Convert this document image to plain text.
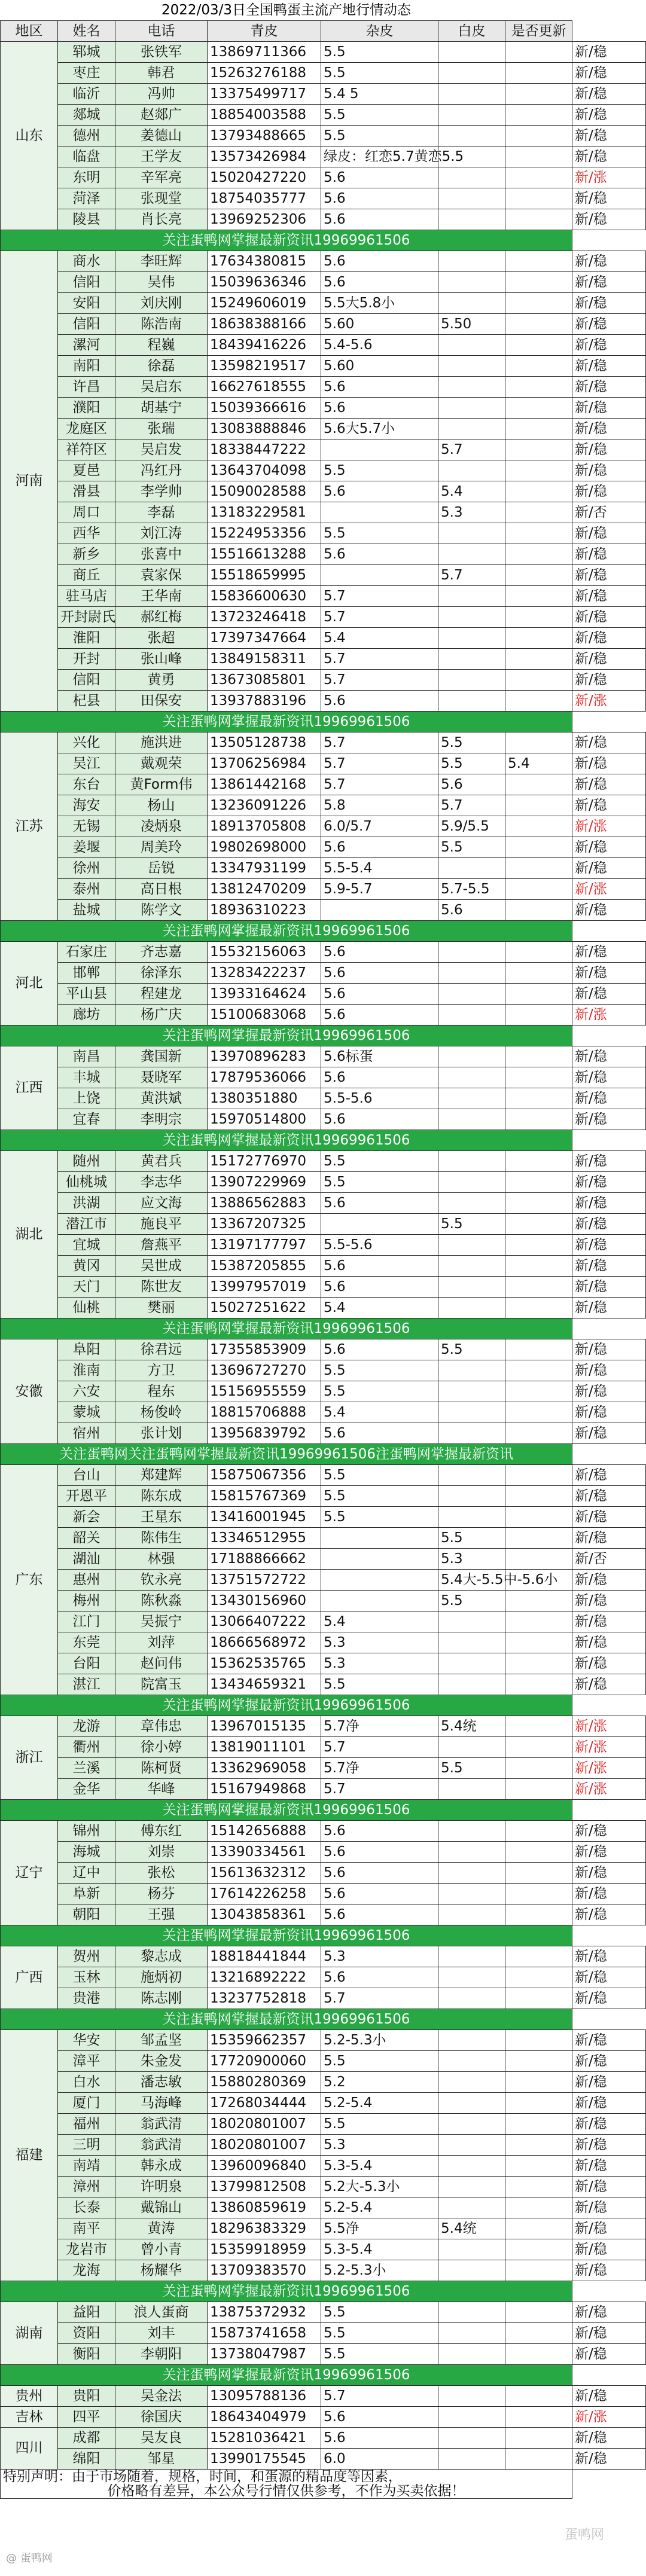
2022/03/3日全国鸭蛋主流产地行情动态							
地区	姓名	电话	青皮	杂皮	白皮	是否更新	
山东	郓城	张铁军	13869711366	5.5			新/稳
	枣庄	韩君	15263276188	5.5			新/稳
	临沂	冯帅	13375499717	5.4 5			新/稳
	郯城	赵郯广	18854003588	5.5			新/稳
	德州	姜德山	13793488665	5.5			新/稳
	临盘	王学友	13573426984	绿皮：红恋5.7黄恋5.5			新/稳
	东明	辛军亮	15020427220	5.6			新/涨
	菏泽	张现堂	18754035777	5.6			新/稳
	陵县	肖长亮	13969252306	5.6			新/稳
关注蛋鸭网掌握最新资讯19969961506							
河南	商水	李旺辉	17634380815	5.6			新/稳
	信阳	吴伟	15039636346	5.6			新/稳
	安阳	刘庆刚	15249606019	5.5大5.8小			新/稳
	信阳	陈浩南	18638388166	5.60	5.50		新/稳
	漯河	程巍	18439416226	5.4-5.6			新/稳
	南阳	徐磊	13598219517	5.60			新/稳
	许昌	吴启东	16627618555	5.6			新/稳
	濮阳	胡基宁	15039366616	5.6			新/稳
	龙庭区	张瑞	13083888846	5.6大5.7小			新/稳
	祥符区	吴启发	18338447222		5.7		新/稳
	夏邑	冯红丹	13643704098	5.5			新/稳
	滑县	李学帅	15090028588	5.6	5.4		新/稳
	周口	李磊	13183229581		5.3		新/否
	西华	刘江涛	15224953356	5.5			新/稳
	新乡	张喜中	15516613288	5.6			新/稳
	商丘	袁家保	15518659995		5.7		新/稳
	驻马店	王华南	15836600630	5.7			新/稳
	开封尉氏	郝红梅	13723246418	5.7			新/稳
	淮阳	张超	17397347664	5.4			新/稳
	开封	张山峰	13849158311	5.7			新/稳
	信阳	黄勇	13673085801	5.7			新/稳
	杞县	田保安	13937883196	5.6			新/涨
关注蛋鸭网掌握最新资讯19969961506							
江苏	兴化	施洪进	13505128738	5.7	5.5		新/稳
	吴江	戴观荣	13706256984	5.7	5.5	5.4	新/稳
	东台	黄Form伟	13861442168	5.7	5.6		新/稳
	海安	杨山	13236091226	5.8	5.7		新/稳
	无锡	凌炳泉	18913705808	6.0/5.7	5.9/5.5		新/涨
	姜堰	周美玲	19802698000	5.6	5.5		新/稳
	徐州	岳锐	13347931199	5.5-5.4			新/稳
	泰州	高日根	13812470209	5.9-5.7	5.7-5.5		新/涨
	盐城	陈学文	18936310223		5.6		新/稳
关注蛋鸭网掌握最新资讯19969961506							
河北	石家庄	齐志嘉	15532156063	5.6			新/稳
	邯郸	徐泽东	13283422237	5.6			新/稳
	平山县	程建龙	13933164624	5.6			新/稳
	廊坊	杨广庆	15100683068	5.6			新/涨
关注蛋鸭网掌握最新资讯19969961506							
江西	南昌	龚国新	13970896283	5.6标蛋			新/稳
	丰城	聂晓军	17879536066	5.6			新/稳
	上饶	黄洪斌	1380351880	5.5-5.6			新/稳
	宜春	李明宗	15970514800	5.6			新/稳
关注蛋鸭网掌握最新资讯19969961506							
湖北	随州	黄君兵	15172776970	5.5			新/稳
	仙桃城	李志华	13907229969	5.5			新/稳
	洪湖	应文海	13886562883	5.6			新/稳
	潜江市	施良平	13367207325		5.5		新/稳
	宜城	詹燕平	13197177797	5.5-5.6			新/稳
	黄冈	吴世成	15387205855	5.6			新/稳
	天门	陈世友	13997957019	5.6			新/稳
	仙桃	樊丽	15027251622	5.4			新/稳
关注蛋鸭网掌握最新资讯19969961506							
安徽	阜阳	徐君远	17355853909	5.6	5.5		新/稳
	淮南	方卫	13696727270	5.5			新/稳
	六安	程东	15156955559	5.5			新/稳
	蒙城	杨俊岭	18815706888	5.4			新/稳
	宿州	张计划	13956839792	5.6			新/稳
关注蛋鸭网关注蛋鸭网掌握最新资讯19969961506注蛋鸭网掌握最新资讯							
广东	台山	郑建辉	15875067356	5.5			新/稳
	开恩平	陈东成	15815767369	5.5			新/稳
	新会	王星东	13416001945	5.5			新/稳
	韶关	陈伟生	13346512955		5.5		新/稳
	湖汕	林强	17188866662		5.3		新/否
	惠州	钦永亮	13751572722		5.4大-5.5中-5.6小		新/稳
	梅州	陈秋淼	13430156960		5.5		新/稳
	江门	吴振宁	13066407222	5.4			新/稳
	东莞	刘萍	18666568972	5.3			新/稳
	台阳	赵问伟	15362535765	5.3			新/稳
	湛江	院富玉	13434659321	5.5			新/稳
关注蛋鸭网掌握最新资讯19969961506							
浙江	龙游	章伟忠	13967015135	5.7净	5.4统		新/涨
	衢州	徐小婷	13819011101	5.7			新/涨
	兰溪	陈柯贤	13362969058	5.7净	5.5		新/涨
	金华	华峰	15167949868	5.7			新/涨
关注蛋鸭网掌握最新资讯19969961506							
辽宁	锦州	傅东红	15142656888	5.6			新/稳
	海城	刘崇	13390334561	5.6			新/稳
	辽中	张松	15613632312	5.6			新/稳
	阜新	杨芬	17614226258	5.6			新/稳
	朝阳	王强	13043858361	5.6			新/稳
关注蛋鸭网掌握最新资讯19969961506							
广西	贺州	黎志成	18818441844	5.3			新/稳
	玉林	施炳初	13216892222	5.6			新/稳
	贵港	陈志刚	13237752818	5.7			新/稳
关注蛋鸭网掌握最新资讯19969961506							
福建	华安	邹孟坚	15359662357	5.2-5.3小			新/稳
	漳平	朱金发	17720900060	5.5			新/稳
	白水	潘志敏	15880280369	5.2			新/稳
	厦门	马海峰	17268034444	5.2-5.4			新/稳
	福州	翁武清	18020801007	5.5			新/稳
	三明	翁武清	18020801007	5.3			新/稳
	南靖	韩永成	13960096840	5.3-5.4			新/稳
	漳州	许明泉	13799812508	5.2大-5.3小			新/稳
	长泰	戴锦山	13860859619	5.2-5.4			新/稳
	南平	黄涛	18296383329	5.5净	5.4统		新/稳
	龙岩市	曾小青	15359918959	5.3-5.4			新/稳
	龙海	杨耀华	13709383570	5.2-5.3小			新/稳
关注蛋鸭网掌握最新资讯19969961506							
湖南	益阳	浪人蛋商	13875372932	5.5			新/稳
	资阳	刘丰	15873741658	5.5			新/稳
	衡阳	李朝阳	13738047987	5.5			新/稳
关注蛋鸭网掌握最新资讯19969961506							
贵州	贵阳	吴金法	13095788136	5.7			新/稳
吉林	四平	徐国庆	18643404979	5.6			新/涨
四川	成都	吴友良	15281036421	5.6			新/稳
	绵阳	邹星	13990175545	6.0			新/稳

特别声明：由于市场随着，规格，时间，和蛋源的精品度等因素，
价格略有差异，本公众号行情仅供参考，不作为买卖依据！							
@ 蛋鸭网
蛋鸭网
